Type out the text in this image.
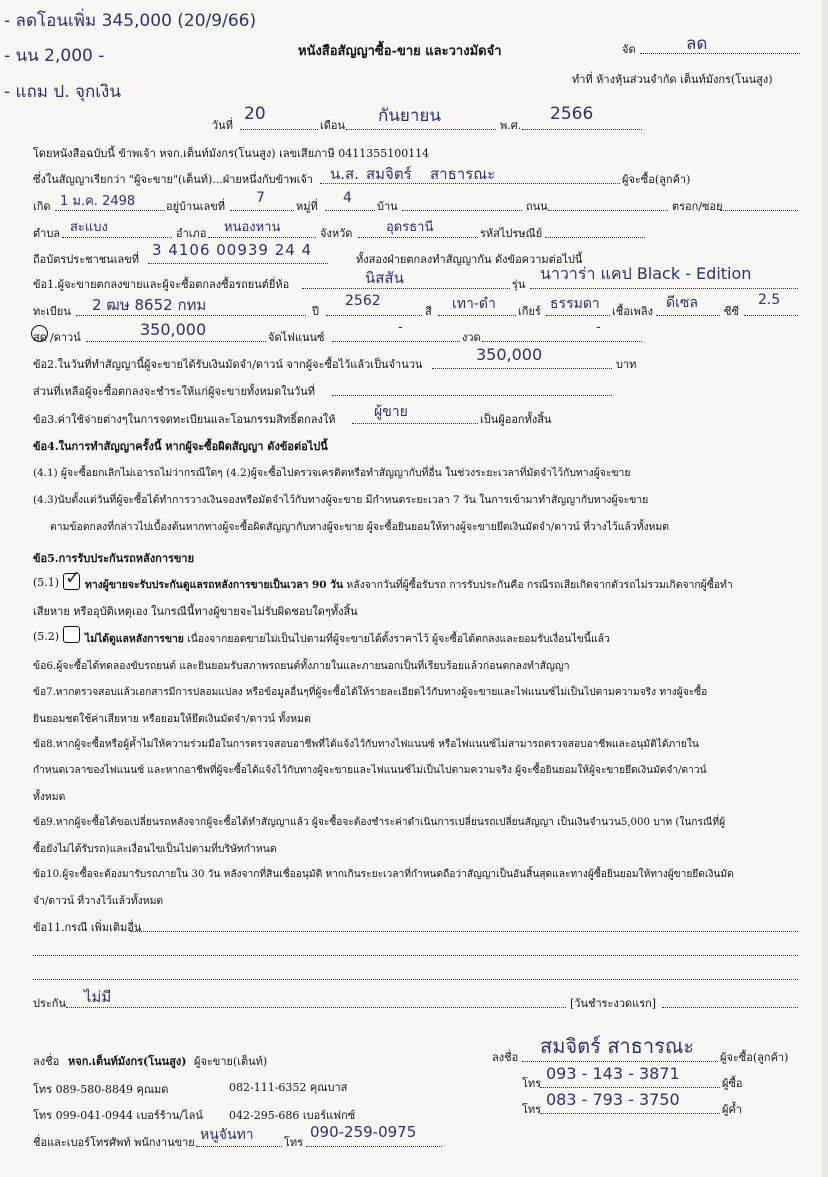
- ลดโอนเพิ่ม 345,000 (20/9/66)
- นน 2,000 -
- แถม ป. จุกเงิน
หนังสือสัญญาซื้อ-ขาย และวางมัดจำ	จัด	ลด
ทำที่ ห้างหุ้นส่วนจำกัด เต็นท์มังกร(โนนสูง)
วันที่
20
เดือน กันยายน	พ.ศ.
2566
โดยหนังสือฉบับนี้ ข้าพเจ้า หจก.เต็นท์มังกร(โนนสูง) เลขเสียภาษี 0411355100114
ซึ่งในสัญญาเรียกว่า "ผู้จะขาย"(เต็นท์)...ฝ่ายหนึ่งกับข้าพเจ้า น.ส. สมจิตร์ สาธารณะ	ผู้จะซื้อ(ลูกค้า)
เกิด 1 ม.ค. 2498	อยู่บ้านเลขที่
7
หมู่ที่
4
บ้าน	ถนน	ตรอก/ซอย
ตำบล สะแบง	อำเภอ หนองหาน	จังหวัด	อุดรธานี	รหัสไปรษณีย์
ถือบัตรประชาชนเลขที่
3 4106 00939 24 4
ทั้งสองฝ่ายตกลงทำสัญญากัน ดังข้อความต่อไปนี้
ข้อ1.ผู้จะขายตกลงขายและผู้จะซื้อตกลงซื้อรถยนต์ยี่ห้อ	นิสสัน	รุ่น
นาวาร่า แคป Black - Edition
ทะเบียน 2 ฒษ 8652 กทม	ปี
2562
สี เทา-ดำ เกียร์ ธรรมดา เชื้อเพลิง
ดีเซล
ซีซี
2.5
สด /ดาวน์	350,000	จัดไฟแนนซ์
-
งวด
-
ข้อ2.ในวันที่ทำสัญญานี้ผู้จะขายได้รับเงินมัดจำ/ดาวน์ จากผู้จะซื้อไว้แล้วเป็นจำนวน
350,000
บาท
ส่วนที่เหลือผู้จะซื้อตกลงจะชำระให้แก่ผู้จะขายทั้งหมดในวันที่
ข้อ3.ค่าใช้จ่ายต่างๆในการจดทะเบียนและโอนกรรมสิทธิ์ตกลงให้	ผู้ขาย	เป็นผู้ออกทั้งสิ้น
ข้อ4.ในการทำสัญญาครั้งนี้ หากผู้จะซื้อผิดสัญญา ดังข้อต่อไปนี้
(4.1) ผู้จะซื้อยกเลิกไม่เอารถไม่ว่ากรณีใดๆ (4.2)ผู้จะซื้อไปตรวจเครดิตหรือทำสัญญากับที่อื่น ในช่วงระยะเวลาที่มัดจำไว้กับทางผู้จะขาย
(4.3)นับตั้งแต่วันที่ผู้จะซื้อได้ทำการวางเงินจองหรือมัดจำไว้กับทางผู้จะขาย มีกำหนดระยะเวลา 7 วัน ในการเข้ามาทำสัญญากับทางผู้จะขาย
ตามข้อตกลงที่กล่าวไปเบื้องต้นหากทางผู้จะซื้อผิดสัญญากับทางผู้จะขาย ผู้จะซื้อยินยอมให้ทางผู้จะขายยึดเงินมัดจำ/ดาวน์ ที่วางไว้แล้วทั้งหมด
ข้อ5.การรับประกันรถหลังการขาย
(5.1) ✓ ทางผู้ขายจะรับประกันดูแลรถหลังการขายเป็นเวลา 90 วัน หลังจากวันที่ผู้ซื้อรับรถ การรับประกันคือ กรณีรถเสียเกิดจากตัวรถไม่รวมเกิดจากผู้ซื้อทำ
เสียหาย หรืออุบัติเหตุเอง ในกรณีนี้ทางผู้ขายจะไม่รับผิดชอบใดๆทั้งสิ้น
(5.2) ไม่ได้ดูแลหลังการขาย เนื่องจากยอดขายไม่เป็นไปตามที่ผู้จะขายได้ตั้งราคาไว้ ผู้จะซื้อได้ตกลงและยอมรับเงื่อนไขนี้แล้ว
ข้อ6.ผู้จะซื้อได้ทดลองขับรถยนต์ และยินยอมรับสภาพรถยนต์ทั้งภายในและภายนอกเป็นที่เรียบร้อยแล้วก่อนตกลงทำสัญญา
ข้อ7.หากตรวจสอบแล้วเอกสารมีการปลอมแปลง หรือข้อมูลอื่นๆที่ผู้จะซื้อได้ให้รายละเอียดไว้กับทางผู้จะขายและไฟแนนซ์ไม่เป็นไปตามความจริง ทางผู้จะซื้อ
ยินยอมชดใช้ค่าเสียหาย หรือยอมให้ยึดเงินมัดจำ/ดาวน์ ทั้งหมด
ข้อ8.หากผู้จะซื้อหรือผู้ค้ำไม่ให้ความร่วมมือในการตรวจสอบอาชีพที่ได้แจ้งไว้กับทางไฟแนนซ์ หรือไฟแนนซ์ไม่สามารถตรวจสอบอาชีพและอนุมัติได้ภายใน
กำหนดเวลาของไฟแนนซ์ และหากอาชีพที่ผู้จะซื้อได้แจ้งไว้กับทางผู้จะขายและไฟแนนซ์ไม่เป็นไปตามความจริง ผู้จะซื้อยินยอมให้ผู้จะขายยึดเงินมัดจำ/ดาวน์
ทั้งหมด
ข้อ9.หากผู้จะซื้อได้ขอเปลี่ยนรถหลังจากผู้จะซื้อได้ทำสัญญาแล้ว ผู้จะซื้อจะต้องชำระค่าดำเนินการเปลี่ยนรถเปลี่ยนสัญญา เป็นเงินจำนวน5,000 บาท (ในกรณีที่ผู้
ซื้อยังไม่ได้รับรถ)และเงื่อนไขเป็นไปตามที่บริษัทกำหนด
ข้อ10.ผู้จะซื้อจะต้องมารับรถภายใน 30 วัน หลังจากที่สินเชื่ออนุมัติ หากเกินระยะเวลาที่กำหนดถือว่าสัญญาเป็นอันสิ้นสุดและทางผู้ซื้อยินยอมให้ทางผู้ขายยึดเงินมัด
จำ/ดาวน์ ที่วางไว้แล้วทั้งหมด
ข้อ11.กรณี เพิ่มเติมอื่น
ประกัน ไม่มี	[วันชำระงวดแรก]
ลงชื่อ หจก.เต็นท์มังกร(โนนสูง) ผู้จะขาย(เต็นท์)
โทร 089-580-8849 คุณมด	082-111-6352 คุณบาส
โทร 099-041-0944 เบอร์ร้าน/ไลน์ 042-295-686 เบอร์แฟกซ์
ชื่อและเบอร์โทรศัพท์ พนักงานขาย หนูจันทา	โทร
090-259-0975
ลงชื่อ สมจิตร์ สาธารณะ ผู้จะซื้อ(ลูกค้า)
โทร
093 - 143 - 3871
ผู้ซื้อ
โทร
083 - 793 - 3750
ผู้ค้ำ
